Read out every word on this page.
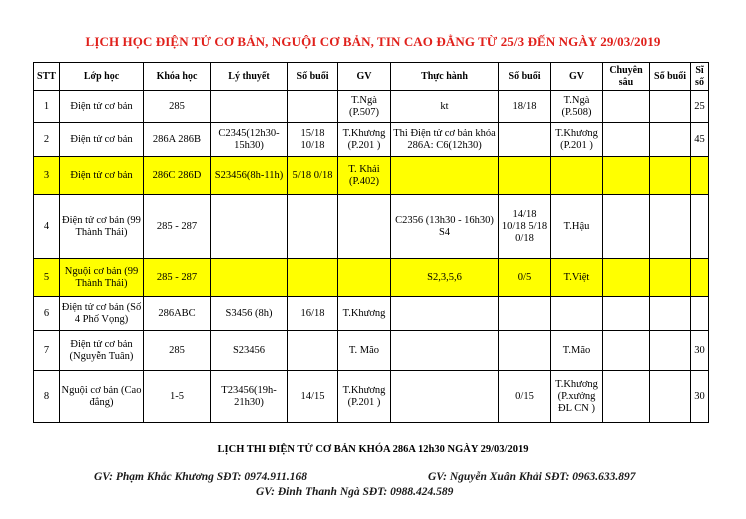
LỊCH HỌC ĐIỆN TỬ CƠ BẢN, NGUỘI CƠ BẢN, TIN CAO ĐẲNG TỪ 25/3 ĐẾN NGÀY 29/03/2019
STT	Lớp học	Khóa học	Lý thuyết	Số buổi	GV	Thực hành	Số buổi	GV	Chuyên sâu	Số buổi	Sĩ số
1	Điện tử cơ bản	285			T.Ngà (P.507)	kt	18/18	T.Ngà (P.508)			25
2	Điện tử cơ bản	286A 286B	C2345(12h30-15h30)	15/18 10/18	T.Khương (P.201 )	Thi Điện tử cơ bản khóa 286A: C6(12h30)		T.Khương (P.201 )			45
3	Điện tử cơ bản	286C 286D	S23456(8h-11h)	5/18 0/18	T. Khải (P.402)						
4	Điện tử cơ bản (99 Thành Thái)	285 - 287				C2356 (13h30 - 16h30) S4	14/18 10/18 5/18 0/18	T.Hậu			
5	Nguội cơ bản (99 Thành Thái)	285 - 287				S2,3,5,6	0/5	T.Việt			
6	Điện tử cơ bản (Số 4 Phố Vọng)	286ABC	S3456 (8h)	16/18	T.Khương						
7	Điện tử cơ bản (Nguyễn Tuân)	285	S23456		T. Mão			T.Mão			30
8	Nguội cơ bản (Cao đẳng)	1-5	T23456(19h-21h30)	14/15	T.Khương (P.201 )		0/15	T.Khương (P.xưởng ĐL CN )			30
LỊCH THI ĐIỆN TỬ CƠ BẢN KHÓA 286A 12h30 NGÀY 29/03/2019
GV: Phạm Khắc Khương SĐT: 0974.911.168	GV: Nguyễn Xuân Khải SĐT: 0963.633.897
GV: Đinh Thanh Ngà SĐT: 0988.424.589
